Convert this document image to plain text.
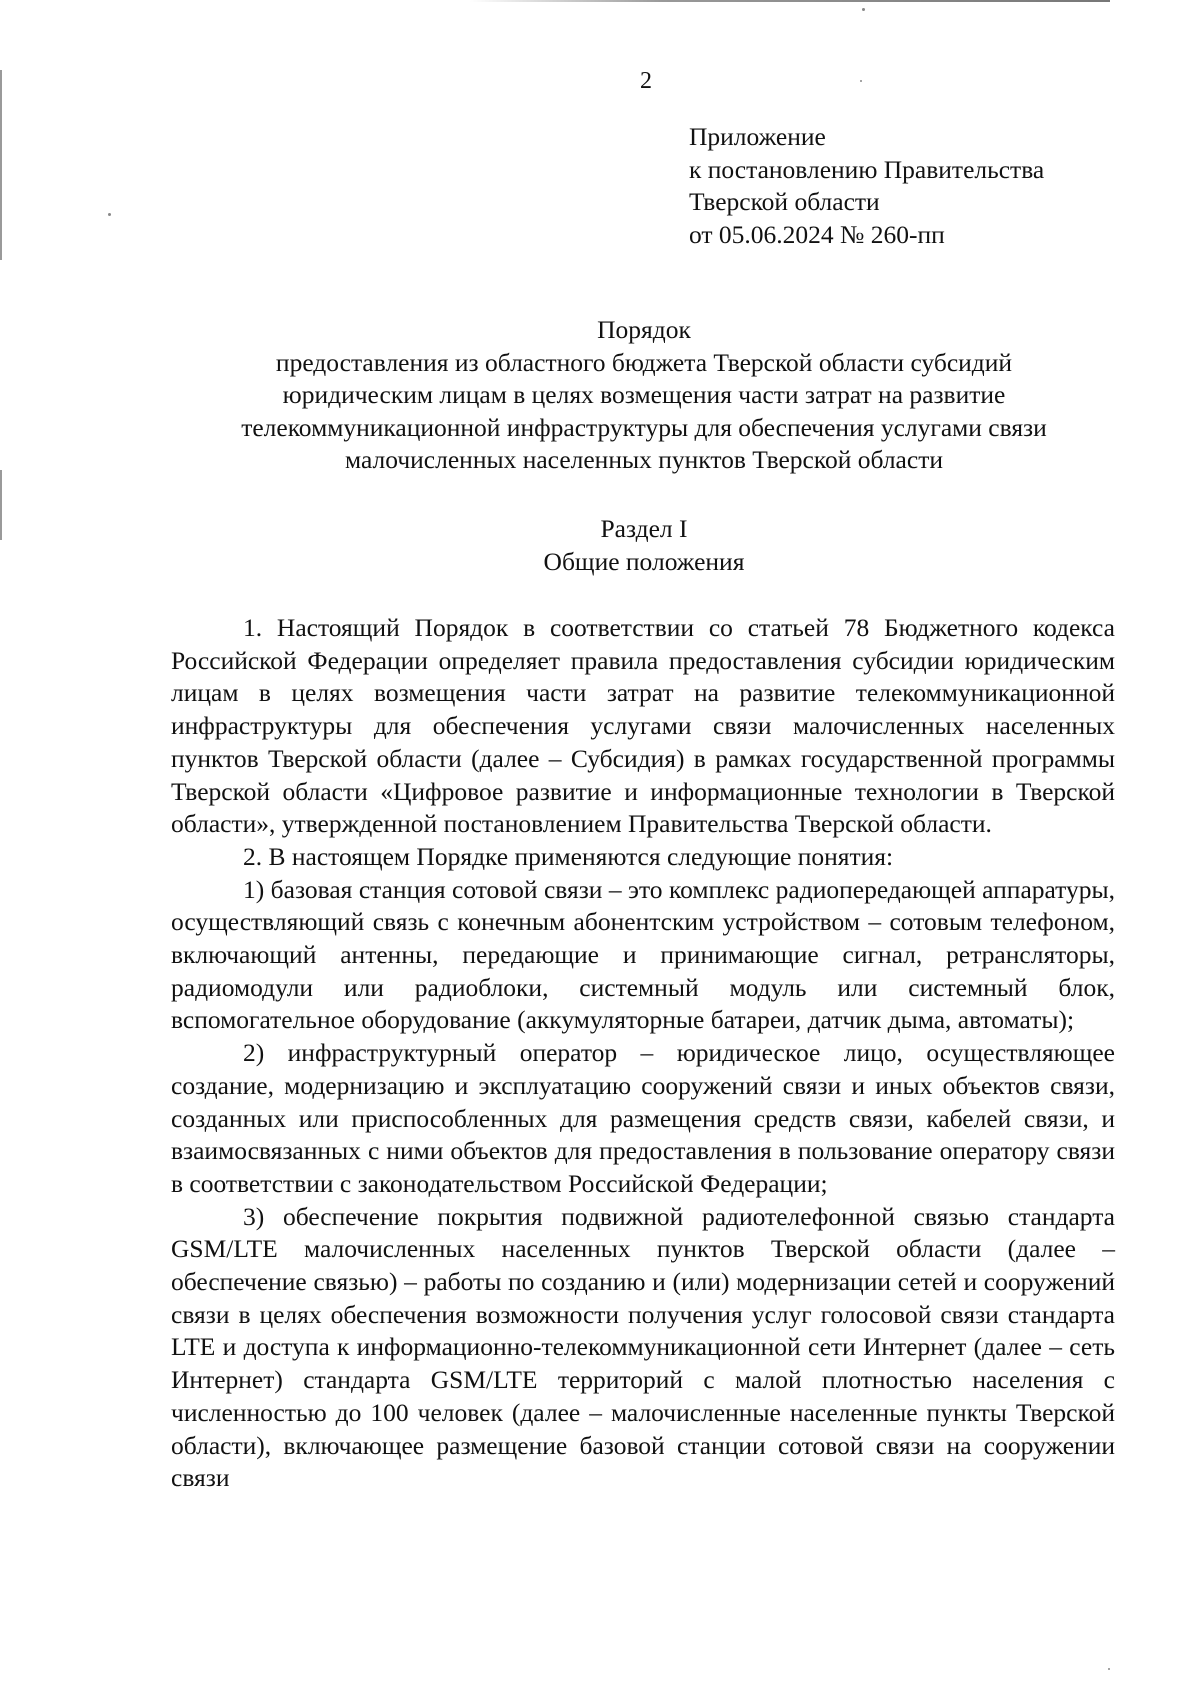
2
Приложение
к постановлению Правительства
Тверской области
от 05.06.2024 № 260-пп
Порядок
предоставления из областного бюджета Тверской области субсидий
юридическим лицам в целях возмещения части затрат на развитие
телекоммуникационной инфраструктуры для обеспечения услугами связи
малочисленных населенных пунктов Тверской области
Раздел I
Общие положения

1. Настоящий Порядок в соответствии со статьей 78 Бюджетного кодекса Российской Федерации определяет правила предоставления субсидии юридическим лицам в целях возмещения части затрат на развитие телекоммуникационной инфраструктуры для обеспечения услугами связи малочисленных населенных пунктов Тверской области (далее – Субсидия) в рамках государственной программы Тверской области «Цифровое развитие и информационные технологии в Тверской области», утвержденной постановлением Правительства Тверской области.

2. В настоящем Порядке применяются следующие понятия:

1) базовая станция сотовой связи – это комплекс радиопередающей аппаратуры, осуществляющий связь с конечным абонентским устройством – сотовым телефоном, включающий антенны, передающие и принимающие сигнал, ретрансляторы, радиомодули или радиоблоки, системный модуль или системный блок, вспомогательное оборудование (аккумуляторные батареи, датчик дыма, автоматы);

2) инфраструктурный оператор – юридическое лицо, осуществляющее создание, модернизацию и эксплуатацию сооружений связи и иных объектов связи, созданных или приспособленных для размещения средств связи, кабелей связи, и взаимосвязанных с ними объектов для предоставления в пользование оператору связи в соответствии с законодательством Российской Федерации;

3) обеспечение покрытия подвижной радиотелефонной связью стандарта GSM/LTE малочисленных населенных пунктов Тверской области (далее – обеспечение связью) – работы по созданию и (или) модернизации сетей и сооружений связи в целях обеспечения возможности получения услуг голосовой связи стандарта LTE и доступа к информационно-телекоммуникационной сети Интернет (далее – сеть Интернет) стандарта GSM/LTE территорий с малой плотностью населения с численностью до 100 человек (далее – малочисленные населенные пункты Тверской области), включающее размещение базовой станции сотовой связи на сооружении связи
